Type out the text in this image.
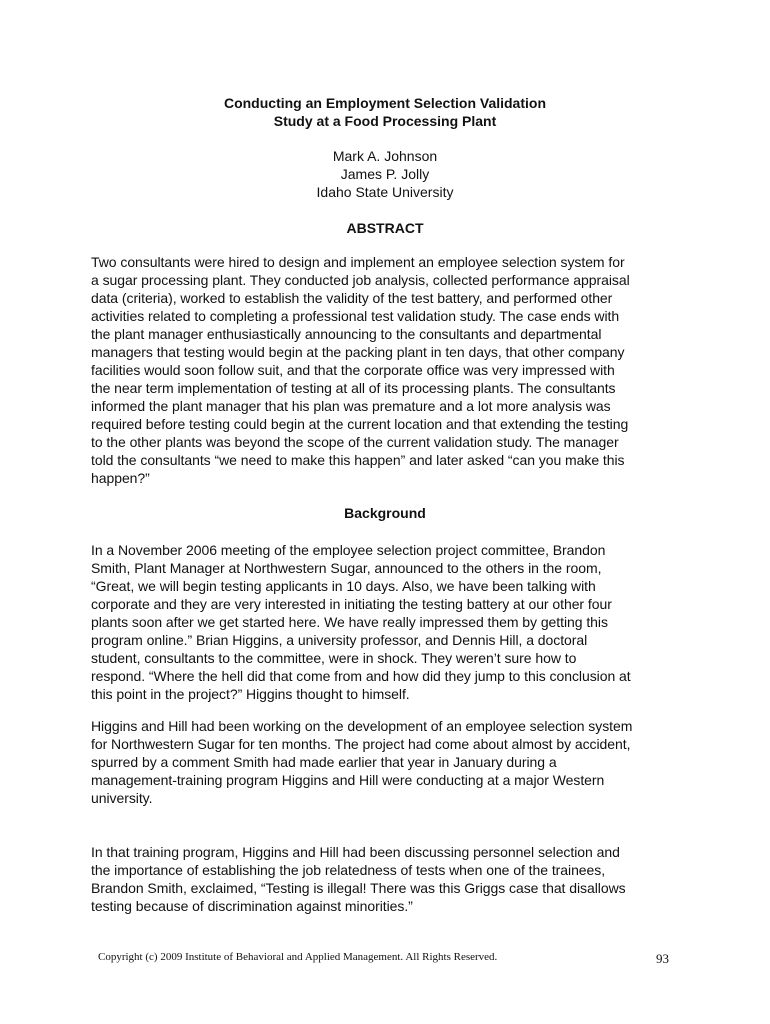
Conducting an Employment Selection Validation
Study at a Food Processing Plant
Mark A. Johnson
James P. Jolly
Idaho State University
ABSTRACT
Two consultants were hired to design and implement an employee selection system for
a sugar processing plant. They conducted job analysis, collected performance appraisal
data (criteria), worked to establish the validity of the test battery, and performed other
activities related to completing a professional test validation study. The case ends with
the plant manager enthusiastically announcing to the consultants and departmental
managers that testing would begin at the packing plant in ten days, that other company
facilities would soon follow suit, and that the corporate office was very impressed with
the near term implementation of testing at all of its processing plants. The consultants
informed the plant manager that his plan was premature and a lot more analysis was
required before testing could begin at the current location and that extending the testing
to the other plants was beyond the scope of the current validation study. The manager
told the consultants “we need to make this happen” and later asked “can you make this
happen?”
Background
In a November 2006 meeting of the employee selection project committee, Brandon
Smith, Plant Manager at Northwestern Sugar, announced to the others in the room,
“Great, we will begin testing applicants in 10 days. Also, we have been talking with
corporate and they are very interested in initiating the testing battery at our other four
plants soon after we get started here. We have really impressed them by getting this
program online.” Brian Higgins, a university professor, and Dennis Hill, a doctoral
student, consultants to the committee, were in shock. They weren’t sure how to
respond. “Where the hell did that come from and how did they jump to this conclusion at
this point in the project?” Higgins thought to himself.
Higgins and Hill had been working on the development of an employee selection system
for Northwestern Sugar for ten months. The project had come about almost by accident,
spurred by a comment Smith had made earlier that year in January during a
management-training program Higgins and Hill were conducting at a major Western
university.
In that training program, Higgins and Hill had been discussing personnel selection and
the importance of establishing the job relatedness of tests when one of the trainees,
Brandon Smith, exclaimed, “Testing is illegal! There was this Griggs case that disallows
testing because of discrimination against minorities.”
Copyright (c) 2009 Institute of Behavioral and Applied Management. All Rights Reserved.	93
